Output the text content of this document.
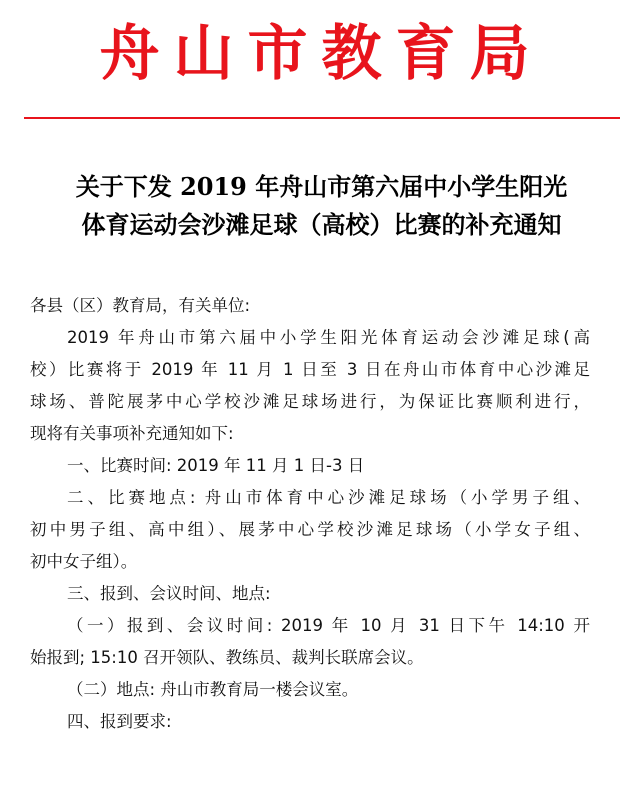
舟山市教育局
关于下发 2019 年舟山市第六届中小学生阳光
体育运动会沙滩足球（高校）比赛的补充通知

各县（区）教育局，有关单位:

2019 年舟山市第六届中小学生阳光体育运动会沙滩足球(高

校）比赛将于 2019 年 11 月 1 日至 3 日在舟山市体育中心沙滩足

球场、普陀展茅中心学校沙滩足球场进行，为保证比赛顺利进行，

现将有关事项补充通知如下:

一、比赛时间: 2019 年 11 月 1 日-3 日

二、比赛地点: 舟山市体育中心沙滩足球场（小学男子组、

初中男子组、高中组）、展茅中心学校沙滩足球场（小学女子组、

初中女子组）。

三、报到、会议时间、地点:

（一）报到、会议时间: 2019 年 10 月 31 日下午 14:10 开

始报到; 15:10 召开领队、教练员、裁判长联席会议。

（二）地点: 舟山市教育局一楼会议室。

四、报到要求:
